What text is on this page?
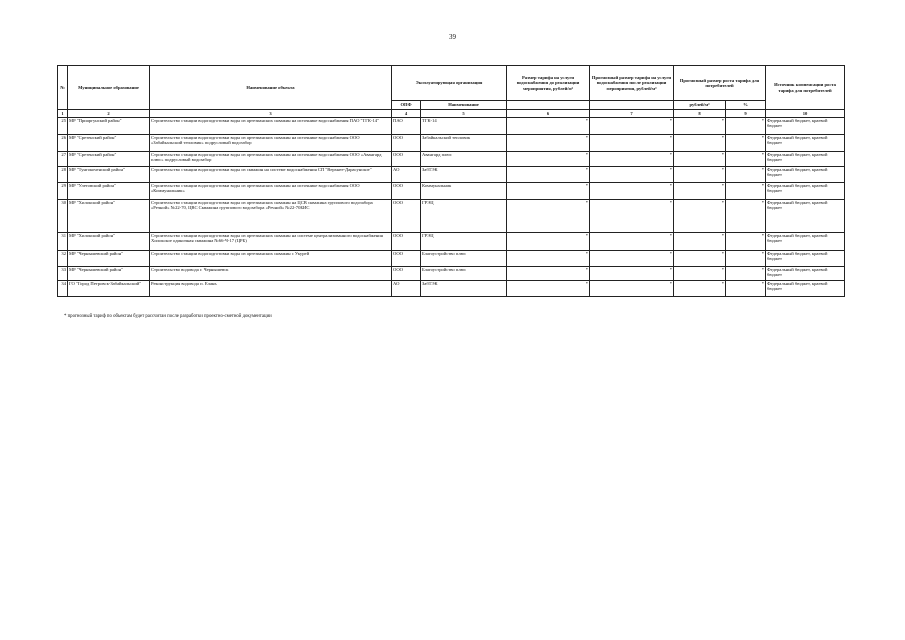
39
№	Муниципальное образование	Наименование объекта	Эксплуатирующая организация		Размер тарифа на услуги водоснабжения до реализации мероприятия, рублей/м³	Прогнозный размер тарифа на услуги водоснабжения после реализации мероприятия, рублей/м³	Прогнозный размер роста тарифа для потребителей		Источник компенсации роста тарифа для потребителей
			ОПФ	Наименование			рублей/м³	%	
1	2	3	4	5	6	7	8	9	10
25	МР "Приаргунский район"	Строительство станции водоподготовки воды из артезианских скважин на источнике водоснабжения ПАО "ТГК-14"	ПАО	ТГК-14	*	*	*	*	Федеральный бюджет, краевой бюджет
26	МР "Сретенский район"	Строительство станции водоподготовки воды из артезианских скважин на источнике водоснабжения ООО «Забайкальский тепловик» подрусловый водозабор	ООО	Забайкальский тепловик	*	*	*	*	Федеральный бюджет, краевой бюджет
27	МР "Сретенский район"	Строительство станции водоподготовки воды из артезианских скважин на источнике водоснабжения ООО «Авангард плюс» подрусловый водозабор	ООО	Авангард плюс	*	*	*	*	Федеральный бюджет, краевой бюджет
28	МР "Тунгокоченский район"	Строительство станции водоподготовки воды из скважин на системе водоснабжения СП "Верхнее-Дарасунское"	АО	ЗабТЭК	*	*	*	*	Федеральный бюджет, краевой бюджет
29	МР "Улетовский район"	Строительство станции водоподготовки воды из артезианских скважин на источнике водоснабжения ООО «Коммунальник»	ООО	Коммунальник	*	*	*	*	Федеральный бюджет, краевой бюджет
30	МР "Хилокский район"	Строительство станции водоподготовки воды из артезианских скважин на ЦСВ скважина группового водозабора «Речной» №22-70, ЦВС Скважина группового водозабора «Речной» №22-70БИС	ООО	ГРЭЦ	*	*	*	*	Федеральный бюджет, краевой бюджет
31	МР "Хилокский район"	Строительство станции водоподготовки воды из артезианских скважин на системе централизованного водоснабжения Хилокское одиночная скважина №66-Ч-17 (ЦРБ)	ООО	ГРЭЦ	*	*	*	*	Федеральный бюджет, краевой бюджет
32	МР "Чернышевский район"	Строительство станции водоподготовки воды из артезианских скважин с Укурей	ООО	Благоустройство плюс	*	*	*	*	Федеральный бюджет, краевой бюджет
33	МР "Чернышевский район"	Строительство водовода г. Чернышевск	ООО	Благоустройство плюс	*	*	*	*	Федеральный бюджет, краевой бюджет
34	ГО "Город Петровск-Забайкальский"	Реконструкция водовода п. Елань	АО	ЗабТЭК	*	*	*	*	Федеральный бюджет, краевой бюджет
* прогнозный тариф по объектам будет рассчитан после разработки проектно-сметной документации
